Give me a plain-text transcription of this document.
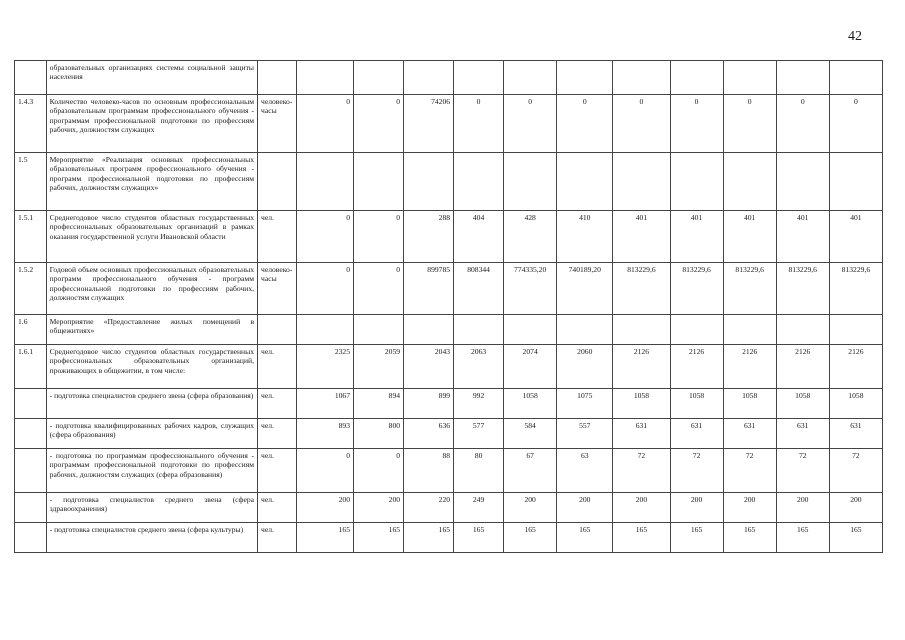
42
	образовательных организациях системы социальной защиты населения												
1.4.3	Количество человеко-часов по основным профессиональным образовательным программам профессионального обучения - программам профессиональной подготовки по профессиям рабочих, должностям служащих	человеко-часы	0	0	74206	0	0	0	0	0	0	0	0
1.5	Мероприятие «Реализация основных профессиональных образовательных программ профессионального обучения - программ профессиональной подготовки по профессиям рабочих, должностям служащих»												
1.5.1	Среднегодовое число студентов областных государственных профессиональных образовательных организаций в рамках оказания государственной услуги Ивановской области	чел.	0	0	288	404	428	410	401	401	401	401	401
1.5.2	Годовой объем основных профессиональных образовательных программ профессионального обучения - программ профессиональной подготовки по профессиям рабочих, должностям служащих	человеко-часы	0	0	899785	808344	774335,20	740189,20	813229,6	813229,6	813229,6	813229,6	813229,6
1.6	Мероприятие «Предоставление жилых помещений в общежитиях»												
1.6.1	Среднегодовое число студентов областных государственных профессиональных образовательных организаций, проживающих в общежитии, в том числе:	чел.	2325	2059	2043	2063	2074	2060	2126	2126	2126	2126	2126
	- подготовка специалистов среднего звена (сфера образования)	чел.	1067	894	899	992	1058	1075	1058	1058	1058	1058	1058
	- подготовка квалифицированных рабочих кадров, служащих (сфера образования)	чел.	893	800	636	577	584	557	631	631	631	631	631
	- подготовка по программам профессионального обучения - программам профессиональной подготовки по профессиям рабочих, должностям служащих (сфера образования)	чел.	0	0	88	80	67	63	72	72	72	72	72
	- подготовка специалистов среднего звена (сфера здравоохранения)	чел.	200	200	220	249	200	200	200	200	200	200	200
	- подготовка специалистов среднего звена (сфера культуры)	чел.	165	165	165	165	165	165	165	165	165	165	165
